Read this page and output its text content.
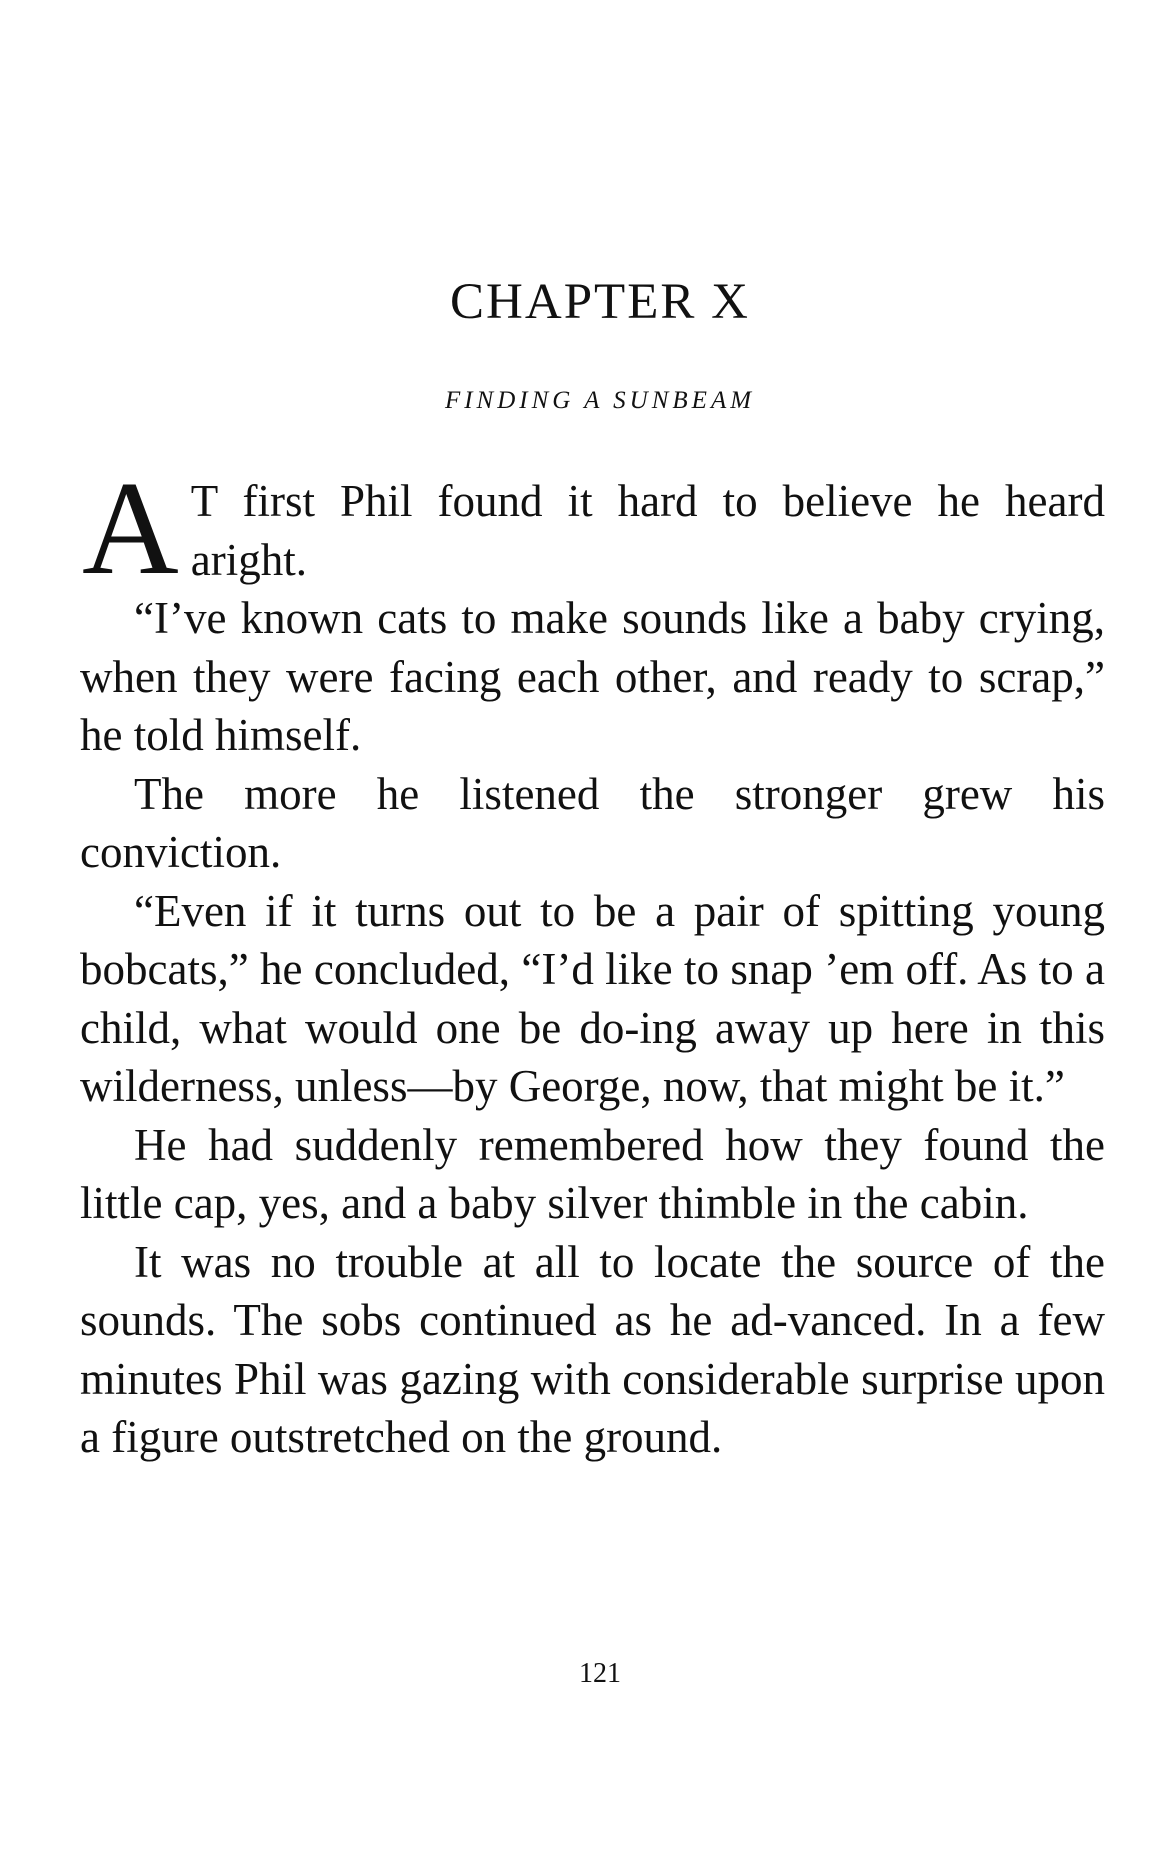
CHAPTER X
FINDING A SUNBEAM

A T first Phil found it hard to believe he heard aright.

“I’ve known cats to make sounds like a baby crying, when they were facing each other, and ready to scrap,” he told himself.

The more he listened the stronger grew his conviction.

“Even if it turns out to be a pair of spitting young bobcats,” he concluded, “I’d like to snap ’em off. As to a child, what would one be do-ing away up here in this wilderness, unless—by George, now, that might be it.”

He had suddenly remembered how they found the little cap, yes, and a baby silver thimble in the cabin.

It was no trouble at all to locate the source of the sounds. The sobs continued as he ad-vanced. In a few minutes Phil was gazing with considerable surprise upon a figure outstretched on the ground.

121
